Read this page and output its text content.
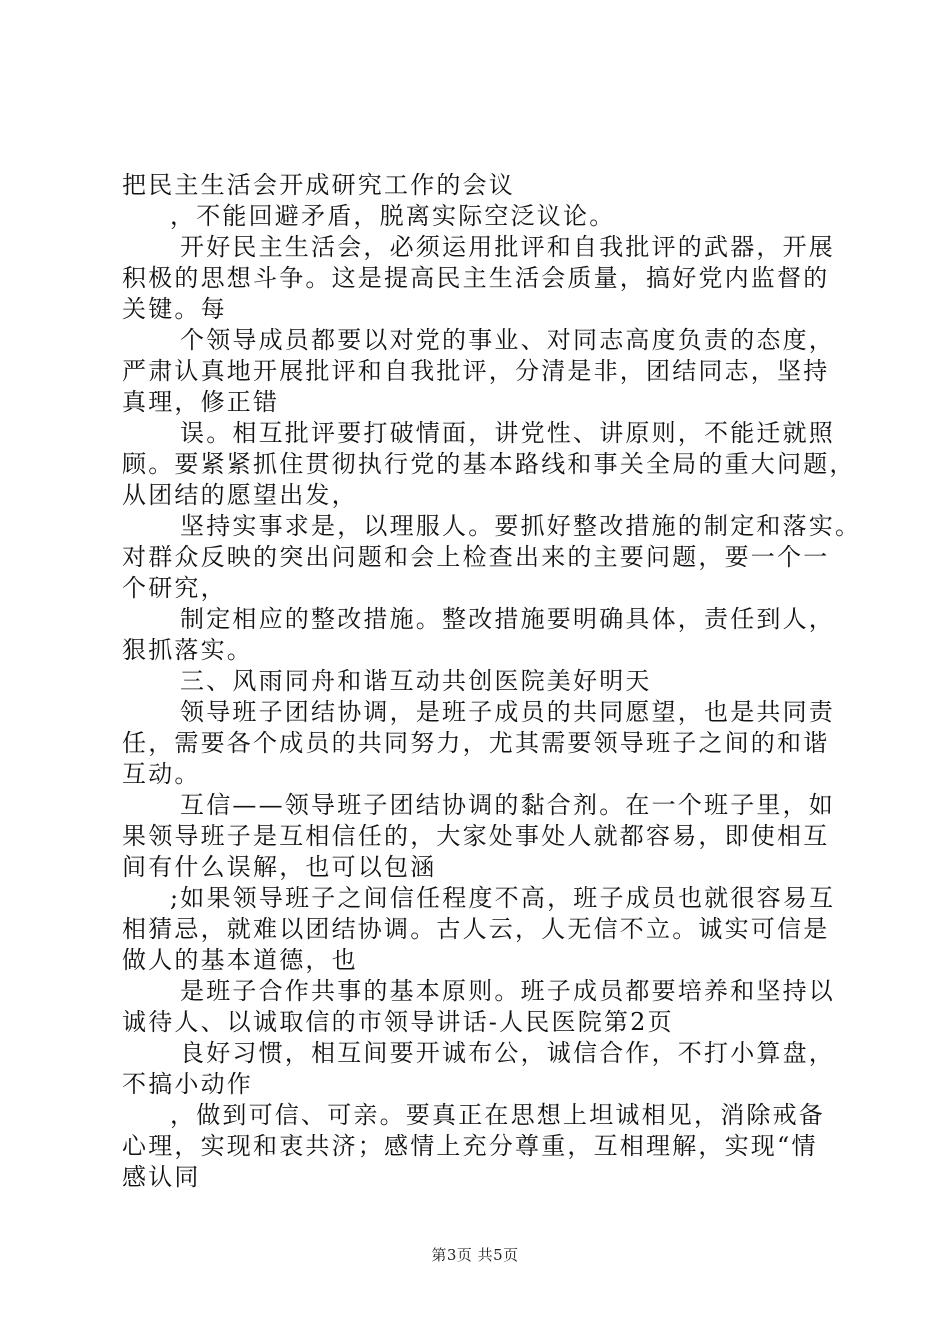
把民主生活会开成研究工作的会议
，不能回避矛盾，脱离实际空泛议论。
开好民主生活会，必须运用批评和自我批评的武器，开展
积极的思想斗争。这是提高民主生活会质量，搞好党内监督的
关键。每
个领导成员都要以对党的事业、对同志高度负责的态度，
严肃认真地开展批评和自我批评，分清是非，团结同志，坚持
真理，修正错
误。相互批评要打破情面，讲党性、讲原则，不能迁就照
顾。要紧紧抓住贯彻执行党的基本路线和事关全局的重大问题，
从团结的愿望出发，
坚持实事求是，以理服人。要抓好整改措施的制定和落实。
对群众反映的突出问题和会上检查出来的主要问题，要一个一
个研究，
制定相应的整改措施。整改措施要明确具体，责任到人，
狠抓落实。
三、风雨同舟和谐互动共创医院美好明天
领导班子团结协调，是班子成员的共同愿望，也是共同责
任，需要各个成员的共同努力，尤其需要领导班子之间的和谐
互动。
互信——领导班子团结协调的黏合剂。在一个班子里，如
果领导班子是互相信任的，大家处事处人就都容易，即使相互
间有什么误解，也可以包涵
;如果领导班子之间信任程度不高，班子成员也就很容易互
相猜忌，就难以团结协调。古人云，人无信不立。诚实可信是
做人的基本道德，也
是班子合作共事的基本原则。班子成员都要培养和坚持以
诚待人、以诚取信的市领导讲话-人民医院第2页
良好习惯，相互间要开诚布公，诚信合作，不打小算盘，
不搞小动作
，做到可信、可亲。要真正在思想上坦诚相见，消除戒备
心理，实现和衷共济；感情上充分尊重，互相理解，实现“情
感认同
第3页 共5页
